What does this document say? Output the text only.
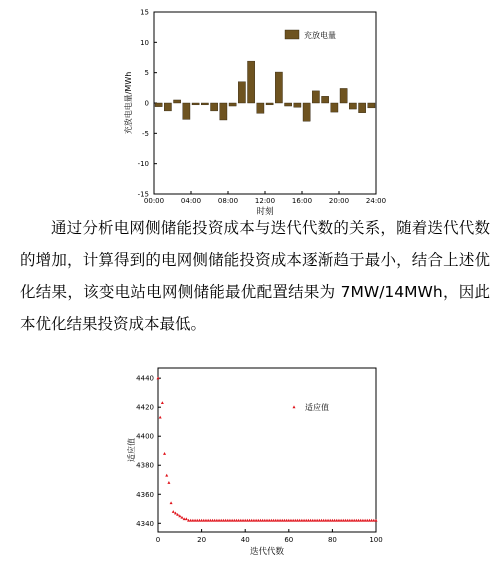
-15
-10
-5
0
5
10
15
00:00 04:00 08:00 12:00 16:00 20:00 24:00
充放电量
时刻
充放电电量/MWh

通过分析电网侧储能投资成本与迭代代数的关系，随着迭代代数的增加，计算得到的电网侧储能投资成本逐渐趋于最小，结合上述优化结果，该变电站电网侧储能最优配置结果为 7MW/14MWh，因此本优化结果投资成本最低。

4340
4360
4380
4400
4420
4440
0	20	40	60	80	100
适应值
迭代代数
适应值
